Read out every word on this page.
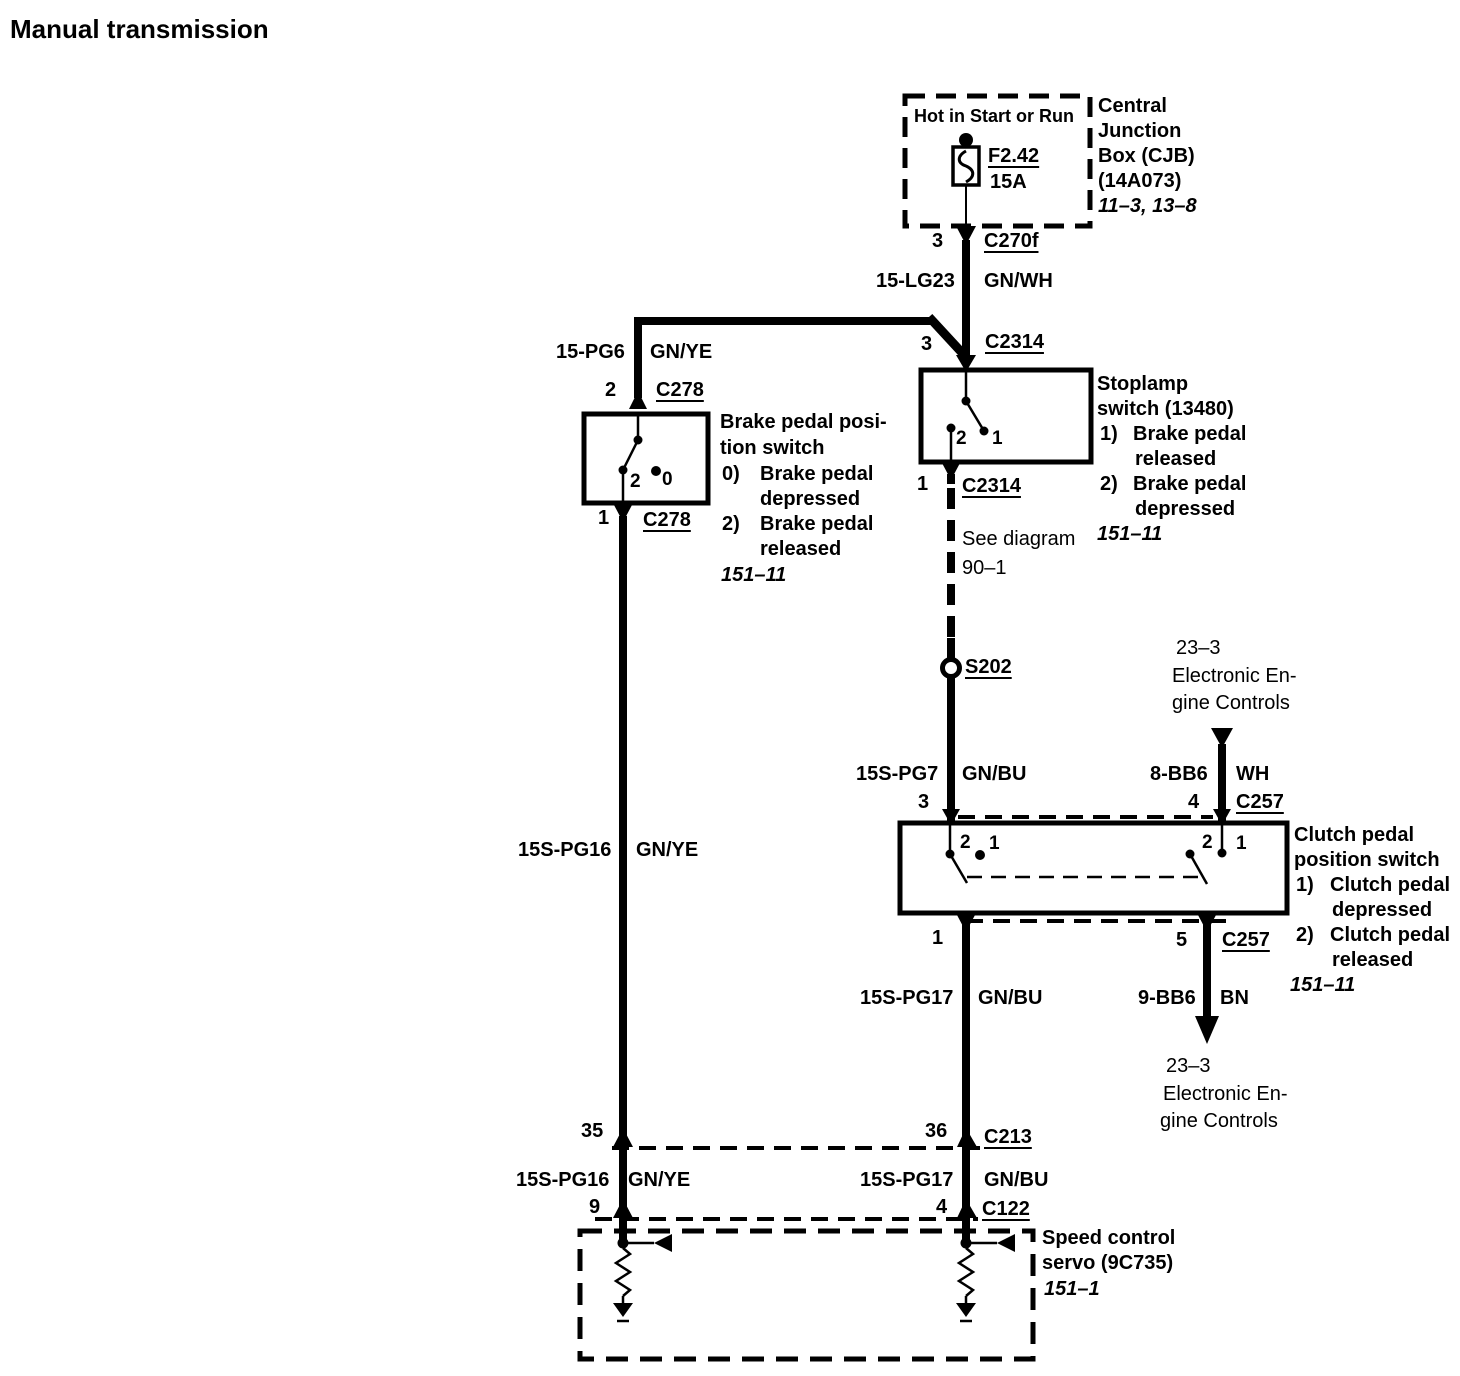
Manual transmission
Hot in Start or Run
F2.42
15A
Central
Junction
Box (CJB)
(14A073)
11–3, 13–8
3 C270f
15-LG23 GN/WH
15-PG6 GN/YE
2 C278
2 0
1 C278
Brake pedal posi-
tion switch
0) Brake pedal
depressed
2) Brake pedal
released
151–11
3	C2314
2 1
1 C2314
Stoplamp
switch (13480)
1) Brake pedal
released
2) Brake pedal
depressed
151–11
See diagram
90–1
S202
23–3
Electronic En-
gine Controls
15S-PG7 GN/BU	8-BB6 WH
3	4 C257
2 1	2 1
1	5 C257
15S-PG17 GN/BU	9-BB6 BN
Clutch pedal
position switch
1) Clutch pedal
depressed
2) Clutch pedal
released
151–11
23–3
Electronic En-
gine Controls
15S-PG16 GN/YE
35	36 C213
15S-PG16 GN/YE	15S-PG17 GN/BU
9	4 C122
Speed control
servo (9C735)
151–1
